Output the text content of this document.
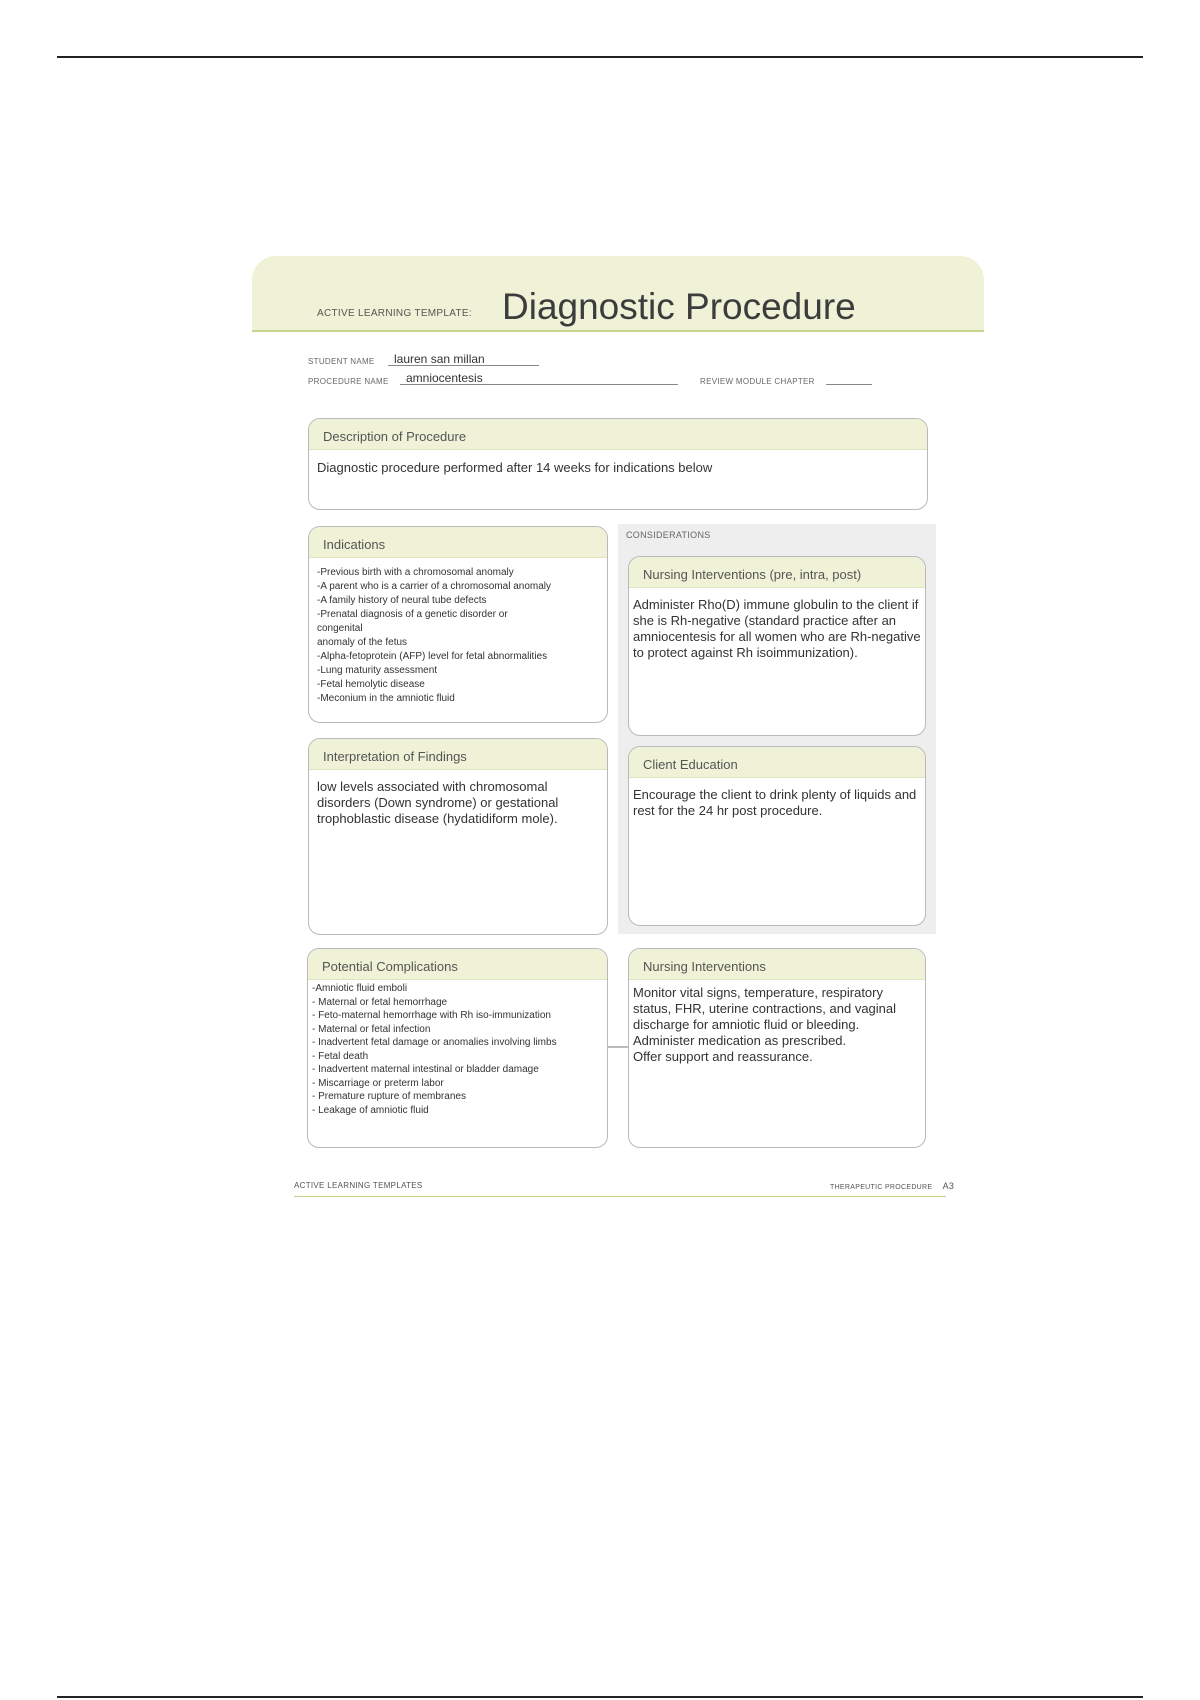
ACTIVE LEARNING TEMPLATE: Diagnostic Procedure
STUDENT NAME	lauren san millan
PROCEDURE NAME	amniocentesis	REVIEW MODULE CHAPTER
Description of Procedure
Diagnostic procedure performed after 14 weeks for indications below
Indications
-Previous birth with a chromosomal anomaly
-A parent who is a carrier of a chromosomal anomaly
-A family history of neural tube defects
-Prenatal diagnosis of a genetic disorder or
congenital
anomaly of the fetus
-Alpha-fetoprotein (AFP) level for fetal abnormalities
-Lung maturity assessment
-Fetal hemolytic disease
-Meconium in the amniotic fluid
CONSIDERATIONS
Nursing Interventions (pre, intra, post)
Administer Rho(D) immune globulin to the client if she is Rh-negative (standard practice after an amniocentesis for all women who are Rh-negative to protect against Rh isoimmunization).
Interpretation of Findings
low levels associated with chromosomal disorders (Down syndrome) or gestational trophoblastic disease (hydatidiform mole).
Client Education
Encourage the client to drink plenty of liquids and rest for the 24 hr post procedure.
Potential Complications
-Amniotic fluid emboli
- Maternal or fetal hemorrhage
- Feto-maternal hemorrhage with Rh iso-immunization
- Maternal or fetal infection
- Inadvertent fetal damage or anomalies involving limbs
- Fetal death
- Inadvertent maternal intestinal or bladder damage
- Miscarriage or preterm labor
- Premature rupture of membranes
- Leakage of amniotic fluid
Nursing Interventions
Monitor vital signs, temperature, respiratory status, FHR, uterine contractions, and vaginal discharge for amniotic fluid or bleeding.
Administer medication as prescribed.
Offer support and reassurance.
ACTIVE LEARNING TEMPLATES	THERAPEUTIC PROCEDURE A3
